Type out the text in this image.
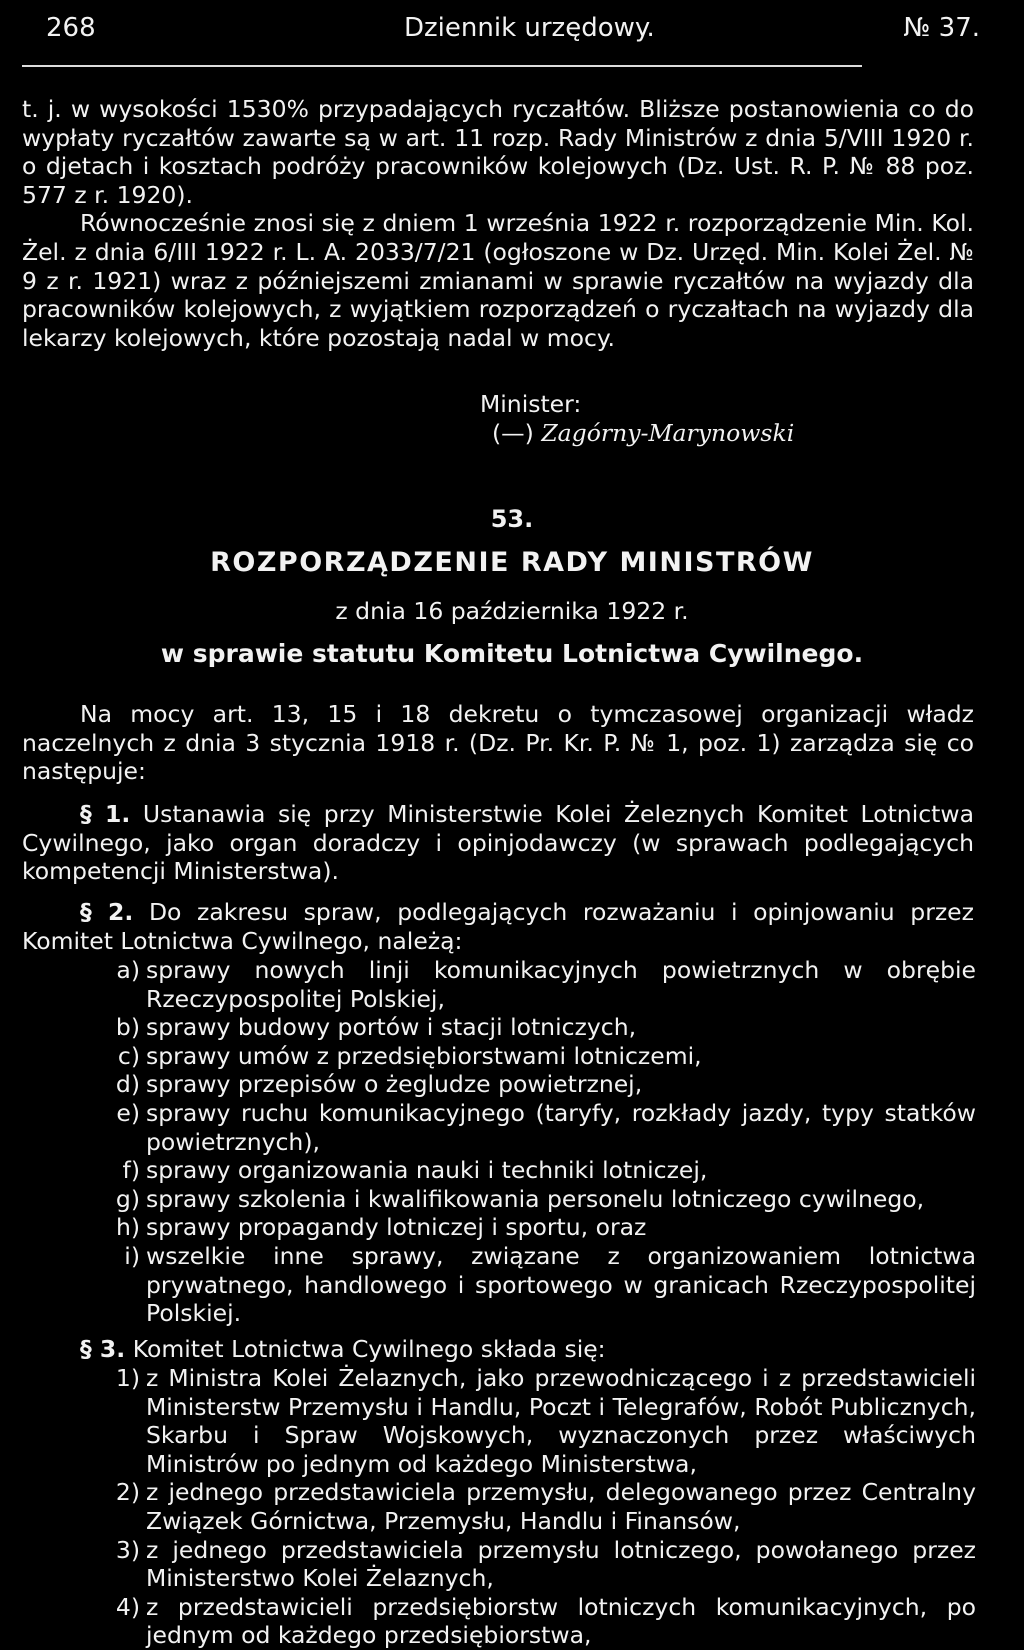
268	Dziennik urzędowy.	№ 37.

t. j. w wysokości 1530% przypadających ryczałtów. Bliższe postanowienia co do wypłaty ryczałtów zawarte są w art. 11 rozp. Rady Ministrów z dnia 5/VIII 1920 r. o djetach i kosztach podróży pracowników kolejowych (Dz. Ust. R. P. № 88 poz. 577 z r. 1920).

Równocześnie znosi się z dniem 1 września 1922 r. rozporządzenie Min. Kol. Żel. z dnia 6/III 1922 r. L. A. 2033/7/21 (ogłoszone w Dz. Urzęd. Min. Kolei Żel. № 9 z r. 1921) wraz z późniejszemi zmianami w sprawie ryczałtów na wyjazdy dla pracowników kolejowych, z wyjątkiem rozporządzeń o ryczałtach na wyjazdy dla lekarzy kolejowych, które pozostają nadal w mocy.

Minister:
(—) Zagórny-Marynowski
53.
ROZPORZĄDZENIE RADY MINISTRÓW
z dnia 16 października 1922 r.
w sprawie statutu Komitetu Lotnictwa Cywilnego.

Na mocy art. 13, 15 i 18 dekretu o tymczasowej organizacji władz naczelnych z dnia 3 stycznia 1918 r. (Dz. Pr. Kr. P. № 1, poz. 1) zarządza się co następuje:

§ 1. Ustanawia się przy Ministerstwie Kolei Żeleznych Komitet Lotnictwa Cywilnego, jako organ doradczy i opinjodawczy (w sprawach podlegających kompetencji Ministerstwa).

§ 2. Do zakresu spraw, podlegających rozważaniu i opinjowaniu przez Komitet Lotnictwa Cywilnego, należą:

a) sprawy nowych linji komunikacyjnych powietrznych w obrębie Rzeczypospolitej Polskiej,
b) sprawy budowy portów i stacji lotniczych,
c) sprawy umów z przedsiębiorstwami lotniczemi,
d) sprawy przepisów o żegludze powietrznej,
e) sprawy ruchu komunikacyjnego (taryfy, rozkłady jazdy, typy statków powietrznych),
f) sprawy organizowania nauki i techniki lotniczej,
g) sprawy szkolenia i kwalifikowania personelu lotniczego cywilnego,
h) sprawy propagandy lotniczej i sportu, oraz
i) wszelkie inne sprawy, związane z organizowaniem lotnictwa prywatnego, handlowego i sportowego w granicach Rzeczypospolitej Polskiej.

§ 3. Komitet Lotnictwa Cywilnego składa się:

1) z Ministra Kolei Żelaznych, jako przewodniczącego i z przedstawicieli Ministerstw Przemysłu i Handlu, Poczt i Telegrafów, Robót Publicznych, Skarbu i Spraw Wojskowych, wyznaczonych przez właściwych Ministrów po jednym od każdego Ministerstwa,
2) z jednego przedstawiciela przemysłu, delegowanego przez Centralny Związek Górnictwa, Przemysłu, Handlu i Finansów,
3) z jednego przedstawiciela przemysłu lotniczego, powołanego przez Ministerstwo Kolei Żelaznych,
4) z przedstawicieli przedsiębiorstw lotniczych komunikacyjnych, po jednym od każdego przedsiębiorstwa,
